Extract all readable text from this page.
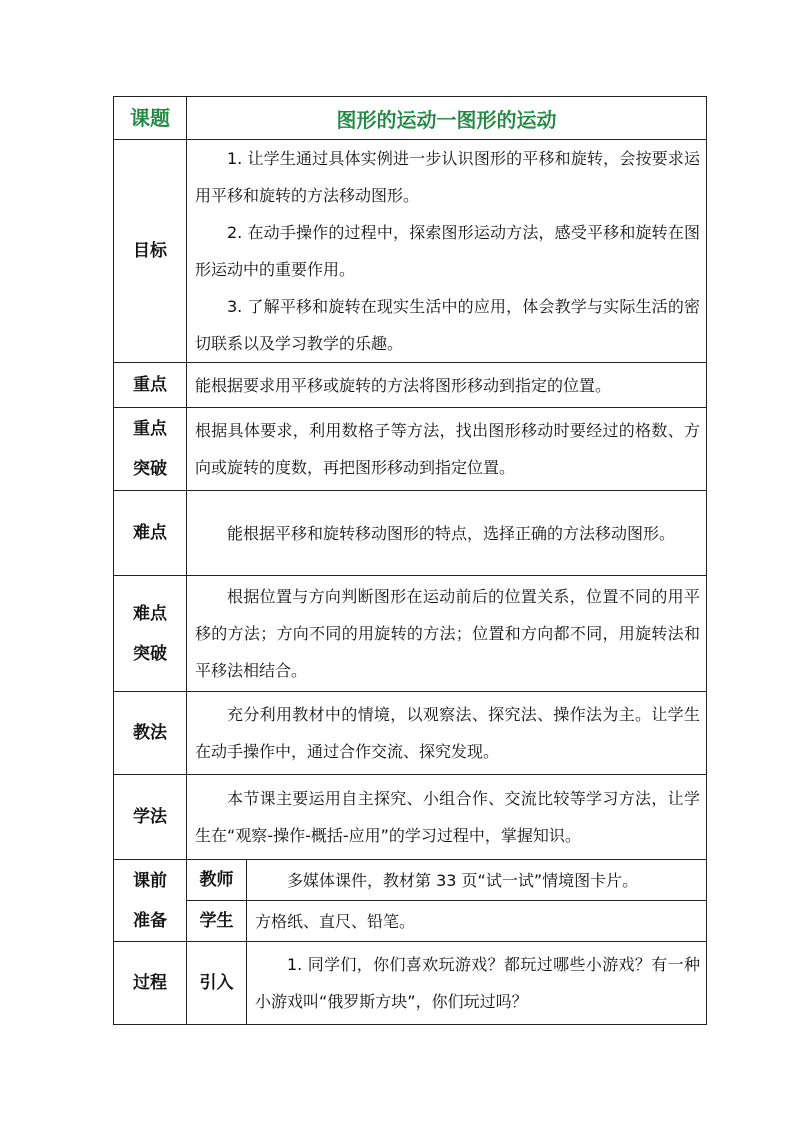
课题	图形的运动一图形的运动	
目标	1. 让学生通过具体实例进一步认识图形的平移和旋转，会按要求运用平移和旋转的方法移动图形。

2. 在动手操作的过程中，探索图形运动方法，感受平移和旋转在图形运动中的重要作用。

3. 了解平移和旋转在现实生活中的应用，体会教学与实际生活的密切联系以及学习教学的乐趣。	

重点	能根据要求用平移或旋转的方法将图形移动到指定的位置。	

重点
突破	根据具体要求，利用数格子等方法，找出图形移动时要经过的格数、方向或旋转的度数，再把图形移动到指定位置。	
难点	能根据平移和旋转移动图形的特点，选择正确的方法移动图形。	

难点
突破	根据位置与方向判断图形在运动前后的位置关系，位置不同的用平移的方法；方向不同的用旋转的方法；位置和方向都不同，用旋转法和平移法相结合。	
教法	充分利用教材中的情境，以观察法、探究法、操作法为主。让学生在动手操作中，通过合作交流、探究发现。	
学法	本节课主要运用自主探究、小组合作、交流比较等学习方法，让学生在“观察-操作-概括-应用”的学习过程中，掌握知识。	

课前
准备	教师	多媒体课件，教材第 33 页“试一试”情境图卡片。
	学生	方格纸、直尺、铅笔。
过程	引入	1. 同学们，你们喜欢玩游戏？都玩过哪些小游戏？有一种小游戏叫“俄罗斯方块”，你们玩过吗？
